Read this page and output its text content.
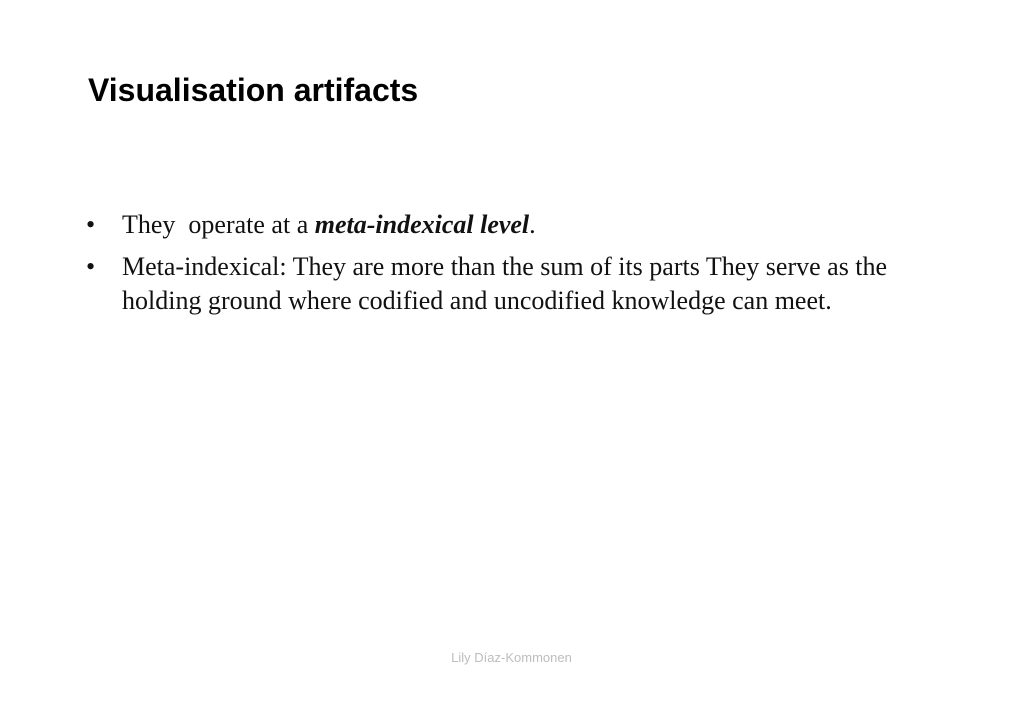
Visualisation artifacts
•	They  operate at a meta-indexical level.
•	Meta-indexical: They are more than the sum of its parts They serve as the holding ground where codified and uncodified knowledge can meet.
Lily Díaz-Kommonen
